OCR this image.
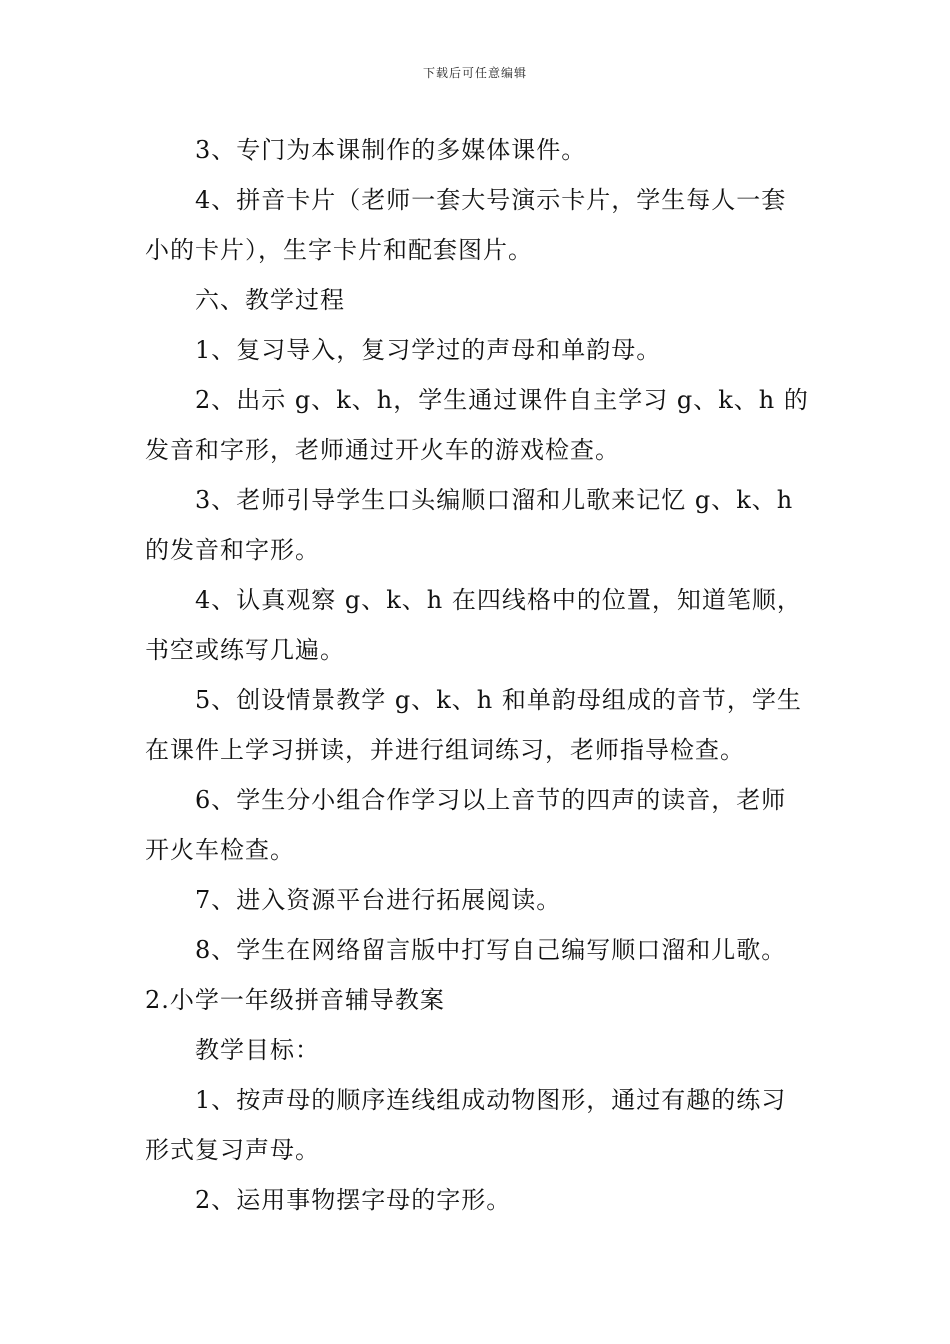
下载后可任意编辑

3、专门为本课制作的多媒体课件。

4、拼音卡片（老师一套大号演示卡片，学生每人一套小的卡片），生字卡片和配套图片。

六、教学过程

1、复习导入，复习学过的声母和单韵母。

2、出示 g、k、h，学生通过课件自主学习 g、k、h 的发音和字形，老师通过开火车的游戏检查。

3、老师引导学生口头编顺口溜和儿歌来记忆 g、k、h 的发音和字形。

4、认真观察 g、k、h 在四线格中的位置，知道笔顺，书空或练写几遍。

5、创设情景教学 g、k、h 和单韵母组成的音节，学生在课件上学习拼读，并进行组词练习，老师指导检查。

6、学生分小组合作学习以上音节的四声的读音，老师开火车检查。

7、进入资源平台进行拓展阅读。

8、学生在网络留言版中打写自己编写顺口溜和儿歌。

2.小学一年级拼音辅导教案

教学目标：

1、按声母的顺序连线组成动物图形，通过有趣的练习形式复习声母。

2、运用事物摆字母的字形。
